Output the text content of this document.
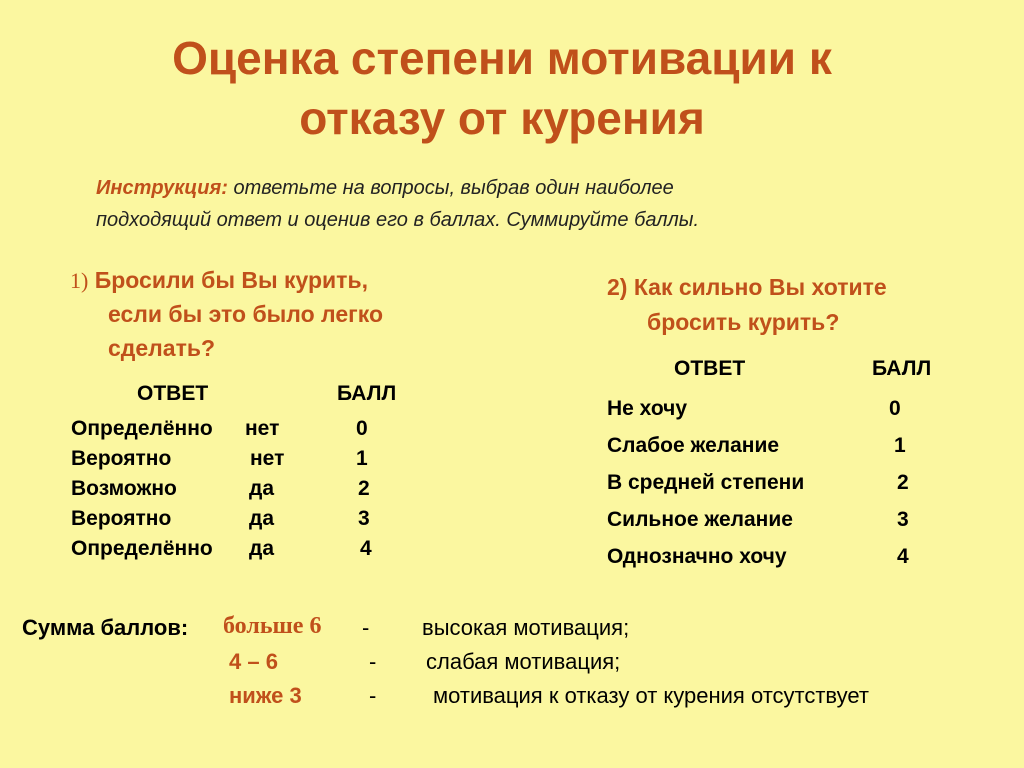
Оценка степени мотивации к
отказу от курения
Инструкция: ответьте на вопросы, выбрав один наиболее
подходящий ответ и оценив его в баллах. Суммируйте баллы.
1) Бросили бы Вы курить,
если бы это было легко
сделать?
ОТВЕТ	БАЛЛ
Определённо нет	0
Вероятно	нет	1
Возможно	да	2
Вероятно	да	3
Определённо да	4
2) Как сильно Вы хотите
бросить курить?
ОТВЕТ	БАЛЛ
Не хочу	0
Слабое желание	1
В средней степени	2
Сильное желание	3
Однозначно хочу	4
Сумма баллов: больше 6 - высокая мотивация;
4 – 6	- слабая мотивация;
ниже 3	-	мотивация к отказу от курения отсутствует
